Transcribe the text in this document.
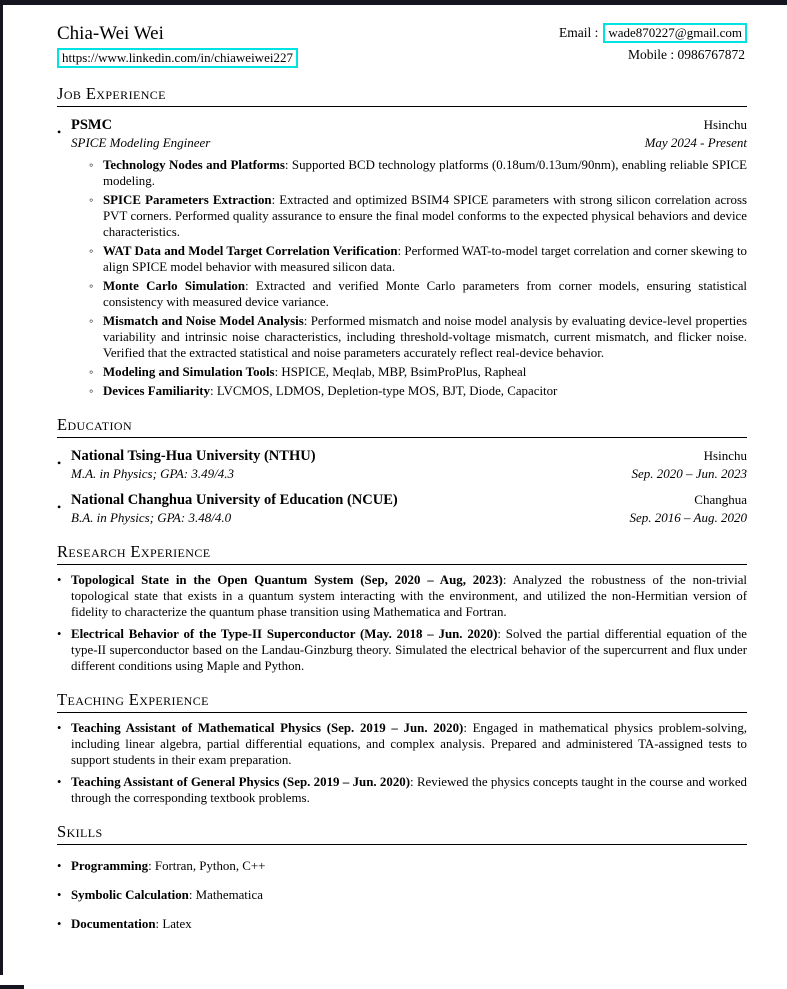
Chia-Wei Wei
https://www.linkedin.com/in/chiaweiwei227
Email : wade870227@gmail.com
Mobile : 0986767872
Job Experience
• PSMC	Hsinchu
SPICE Modeling Engineer	May 2024 - Present
◦ Technology Nodes and Platforms: Supported BCD technology platforms (0.18um/0.13um/90nm), enabling reliable SPICE modeling.
◦ SPICE Parameters Extraction: Extracted and optimized BSIM4 SPICE parameters with strong silicon correlation across PVT corners. Performed quality assurance to ensure the final model conforms to the expected physical behaviors and device characteristics.
◦ WAT Data and Model Target Correlation Verification: Performed WAT-to-model target correlation and corner skewing to align SPICE model behavior with measured silicon data.
◦ Monte Carlo Simulation: Extracted and verified Monte Carlo parameters from corner models, ensuring statistical consistency with measured device variance.
◦ Mismatch and Noise Model Analysis: Performed mismatch and noise model analysis by evaluating device-level properties variability and intrinsic noise characteristics, including threshold-voltage mismatch, current mismatch, and flicker noise. Verified that the extracted statistical and noise parameters accurately reflect real-device behavior.
◦ Modeling and Simulation Tools: HSPICE, Meqlab, MBP, BsimProPlus, Rapheal
◦ Devices Familiarity: LVCMOS, LDMOS, Depletion-type MOS, BJT, Diode, Capacitor
Education
• National Tsing-Hua University (NTHU)	Hsinchu
M.A. in Physics; GPA: 3.49/4.3	Sep. 2020 – Jun. 2023
• National Changhua University of Education (NCUE)	Changhua
B.A. in Physics; GPA: 3.48/4.0	Sep. 2016 – Aug. 2020
Research Experience
• Topological State in the Open Quantum System (Sep, 2020 – Aug, 2023): Analyzed the robustness of the non-trivial topological state that exists in a quantum system interacting with the environment, and utilized the non-Hermitian version of fidelity to characterize the quantum phase transition using Mathematica and Fortran.
• Electrical Behavior of the Type-II Superconductor (May. 2018 – Jun. 2020): Solved the partial differential equation of the type-II superconductor based on the Landau-Ginzburg theory. Simulated the electrical behavior of the supercurrent and flux under different conditions using Maple and Python.
Teaching Experience
• Teaching Assistant of Mathematical Physics (Sep. 2019 – Jun. 2020): Engaged in mathematical physics problem-solving, including linear algebra, partial differential equations, and complex analysis. Prepared and administered TA-assigned tests to support students in their exam preparation.
• Teaching Assistant of General Physics (Sep. 2019 – Jun. 2020): Reviewed the physics concepts taught in the course and worked through the corresponding textbook problems.
Skills
• Programming: Fortran, Python, C++
• Symbolic Calculation: Mathematica
• Documentation: Latex
